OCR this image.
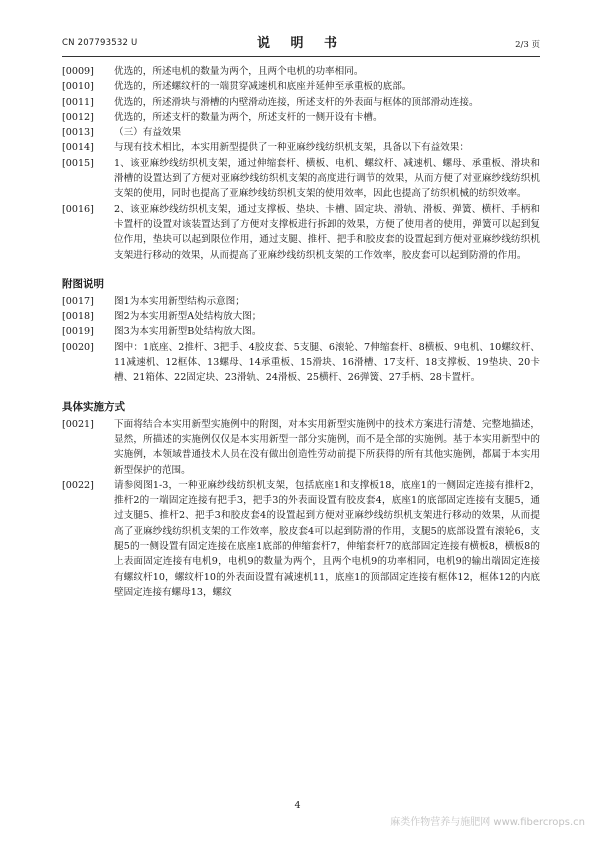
CN 207793532 U	说 明 书	2/3 页
[0009]	优选的，所述电机的数量为两个，且两个电机的功率相同。
[0010]	优选的，所述螺纹杆的一端贯穿减速机和底座并延伸至承重板的底部。
[0011]	优选的，所述滑块与滑槽的内壁滑动连接，所述支杆的外表面与框体的顶部滑动连接。
[0012]	优选的，所述支杆的数量为两个，所述支杆的一侧开设有卡槽。
[0013]	（三）有益效果
[0014]	与现有技术相比，本实用新型提供了一种亚麻纱线纺织机支架，具备以下有益效果：
[0015]	1、该亚麻纱线纺织机支架，通过伸缩套杆、横板、电机、螺纹杆、减速机、螺母、承重板、滑块和滑槽的设置达到了方便对亚麻纱线纺织机支架的高度进行调节的效果，从而方便了对亚麻纱线纺织机支架的使用，同时也提高了亚麻纱线纺织机支架的使用效率，因此也提高了纺织机械的纺织效率。
[0016]	2、该亚麻纱线纺织机支架，通过支撑板、垫块、卡槽、固定块、滑轨、滑板、弹簧、横杆、手柄和卡置杆的设置对该装置达到了方便对支撑板进行拆卸的效果，方便了使用者的使用，弹簧可以起到复位作用，垫块可以起到限位作用，通过支腿、推杆、把手和胶皮套的设置起到方便对亚麻纱线纺织机支架进行移动的效果，从而提高了亚麻纱线纺织机支架的工作效率，胶皮套可以起到防滑的作用。
附图说明
[0017]	图1为本实用新型结构示意图；
[0018]	图2为本实用新型A处结构放大图；
[0019]	图3为本实用新型B处结构放大图。
[0020]	图中：1底座、2推杆、3把手、4胶皮套、5支腿、6滚轮、7伸缩套杆、8横板、9电机、10螺纹杆、11减速机、12框体、13螺母、14承重板、15滑块、16滑槽、17支杆、18支撑板、19垫块、20卡槽、21箱体、22固定块、23滑轨、24滑板、25横杆、26弹簧、27手柄、28卡置杆。
具体实施方式
[0021]	下面将结合本实用新型实施例中的附图，对本实用新型实施例中的技术方案进行清楚、完整地描述，显然，所描述的实施例仅仅是本实用新型一部分实施例，而不是全部的实施例。基于本实用新型中的实施例，本领域普通技术人员在没有做出创造性劳动前提下所获得的所有其他实施例，都属于本实用新型保护的范围。
[0022]	请参阅图1-3，一种亚麻纱线纺织机支架，包括底座1和支撑板18，底座1的一侧固定连接有推杆2，推杆2的一端固定连接有把手3，把手3的外表面设置有胶皮套4，底座1的底部固定连接有支腿5，通过支腿5、推杆2、把手3和胶皮套4的设置起到方便对亚麻纱线纺织机支架进行移动的效果，从而提高了亚麻纱线纺织机支架的工作效率，胶皮套4可以起到防滑的作用，支腿5的底部设置有滚轮6，支腿5的一侧设置有固定连接在底座1底部的伸缩套杆7，伸缩套杆7的底部固定连接有横板8，横板8的上表面固定连接有电机9，电机9的数量为两个，且两个电机9的功率相同，电机9的输出端固定连接有螺纹杆10，螺纹杆10的外表面设置有减速机11，底座1的顶部固定连接有框体12，框体12的内底壁固定连接有螺母13，螺纹
4
麻类作物营养与施肥网 www.fibercrops.cn
